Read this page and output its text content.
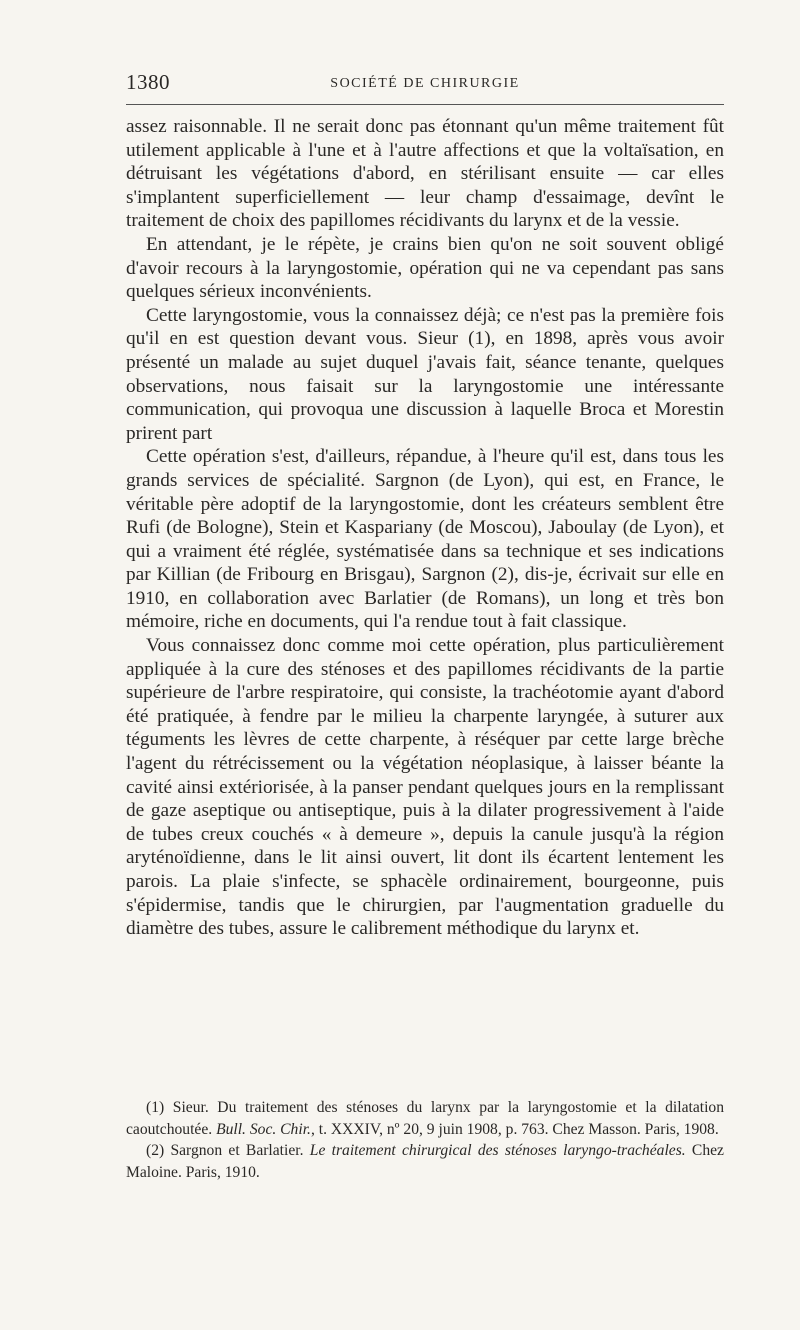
1380	SOCIÉTÉ DE CHIRURGIE

assez raisonnable. Il ne serait donc pas étonnant qu'un même traitement fût utilement applicable à l'une et à l'autre affections et que la voltaïsation, en détruisant les végétations d'abord, en stérilisant ensuite — car elles s'implantent superficiellement — leur champ d'essaimage, devînt le traitement de choix des papillomes récidivants du larynx et de la vessie.

En attendant, je le répète, je crains bien qu'on ne soit souvent obligé d'avoir recours à la laryngostomie, opération qui ne va cependant pas sans quelques sérieux inconvénients.

Cette laryngostomie, vous la connaissez déjà; ce n'est pas la première fois qu'il en est question devant vous. Sieur (1), en 1898, après vous avoir présenté un malade au sujet duquel j'avais fait, séance tenante, quelques observations, nous faisait sur la laryngostomie une intéressante communication, qui provoqua une discussion à laquelle Broca et Morestin prirent part

Cette opération s'est, d'ailleurs, répandue, à l'heure qu'il est, dans tous les grands services de spécialité. Sargnon (de Lyon), qui est, en France, le véritable père adoptif de la laryngostomie, dont les créateurs semblent être Rufi (de Bologne), Stein et Kaspariany (de Moscou), Jaboulay (de Lyon), et qui a vraiment été réglée, systématisée dans sa technique et ses indications par Killian (de Fribourg en Brisgau), Sargnon (2), dis-je, écrivait sur elle en 1910, en collaboration avec Barlatier (de Romans), un long et très bon mémoire, riche en documents, qui l'a rendue tout à fait classique.

Vous connaissez donc comme moi cette opération, plus particulièrement appliquée à la cure des sténoses et des papillomes récidivants de la partie supérieure de l'arbre respiratoire, qui consiste, la trachéotomie ayant d'abord été pratiquée, à fendre par le milieu la charpente laryngée, à suturer aux téguments les lèvres de cette charpente, à réséquer par cette large brèche l'agent du rétrécissement ou la végétation néoplasique, à laisser béante la cavité ainsi extériorisée, à la panser pendant quelques jours en la remplissant de gaze aseptique ou antiseptique, puis à la dilater progressivement à l'aide de tubes creux couchés « à demeure », depuis la canule jusqu'à la région aryténoïdienne, dans le lit ainsi ouvert, lit dont ils écartent lentement les parois. La plaie s'infecte, se sphacèle ordinairement, bourgeonne, puis s'épidermise, tandis que le chirurgien, par l'augmentation graduelle du diamètre des tubes, assure le calibrement méthodique du larynx et.

(1) Sieur. Du traitement des sténoses du larynx par la laryngostomie et la dilatation caoutchoutée. Bull. Soc. Chir., t. XXXIV, nº 20, 9 juin 1908, p. 763. Chez Masson. Paris, 1908.

(2) Sargnon et Barlatier. Le traitement chirurgical des sténoses laryngo-trachéales. Chez Maloine. Paris, 1910.
